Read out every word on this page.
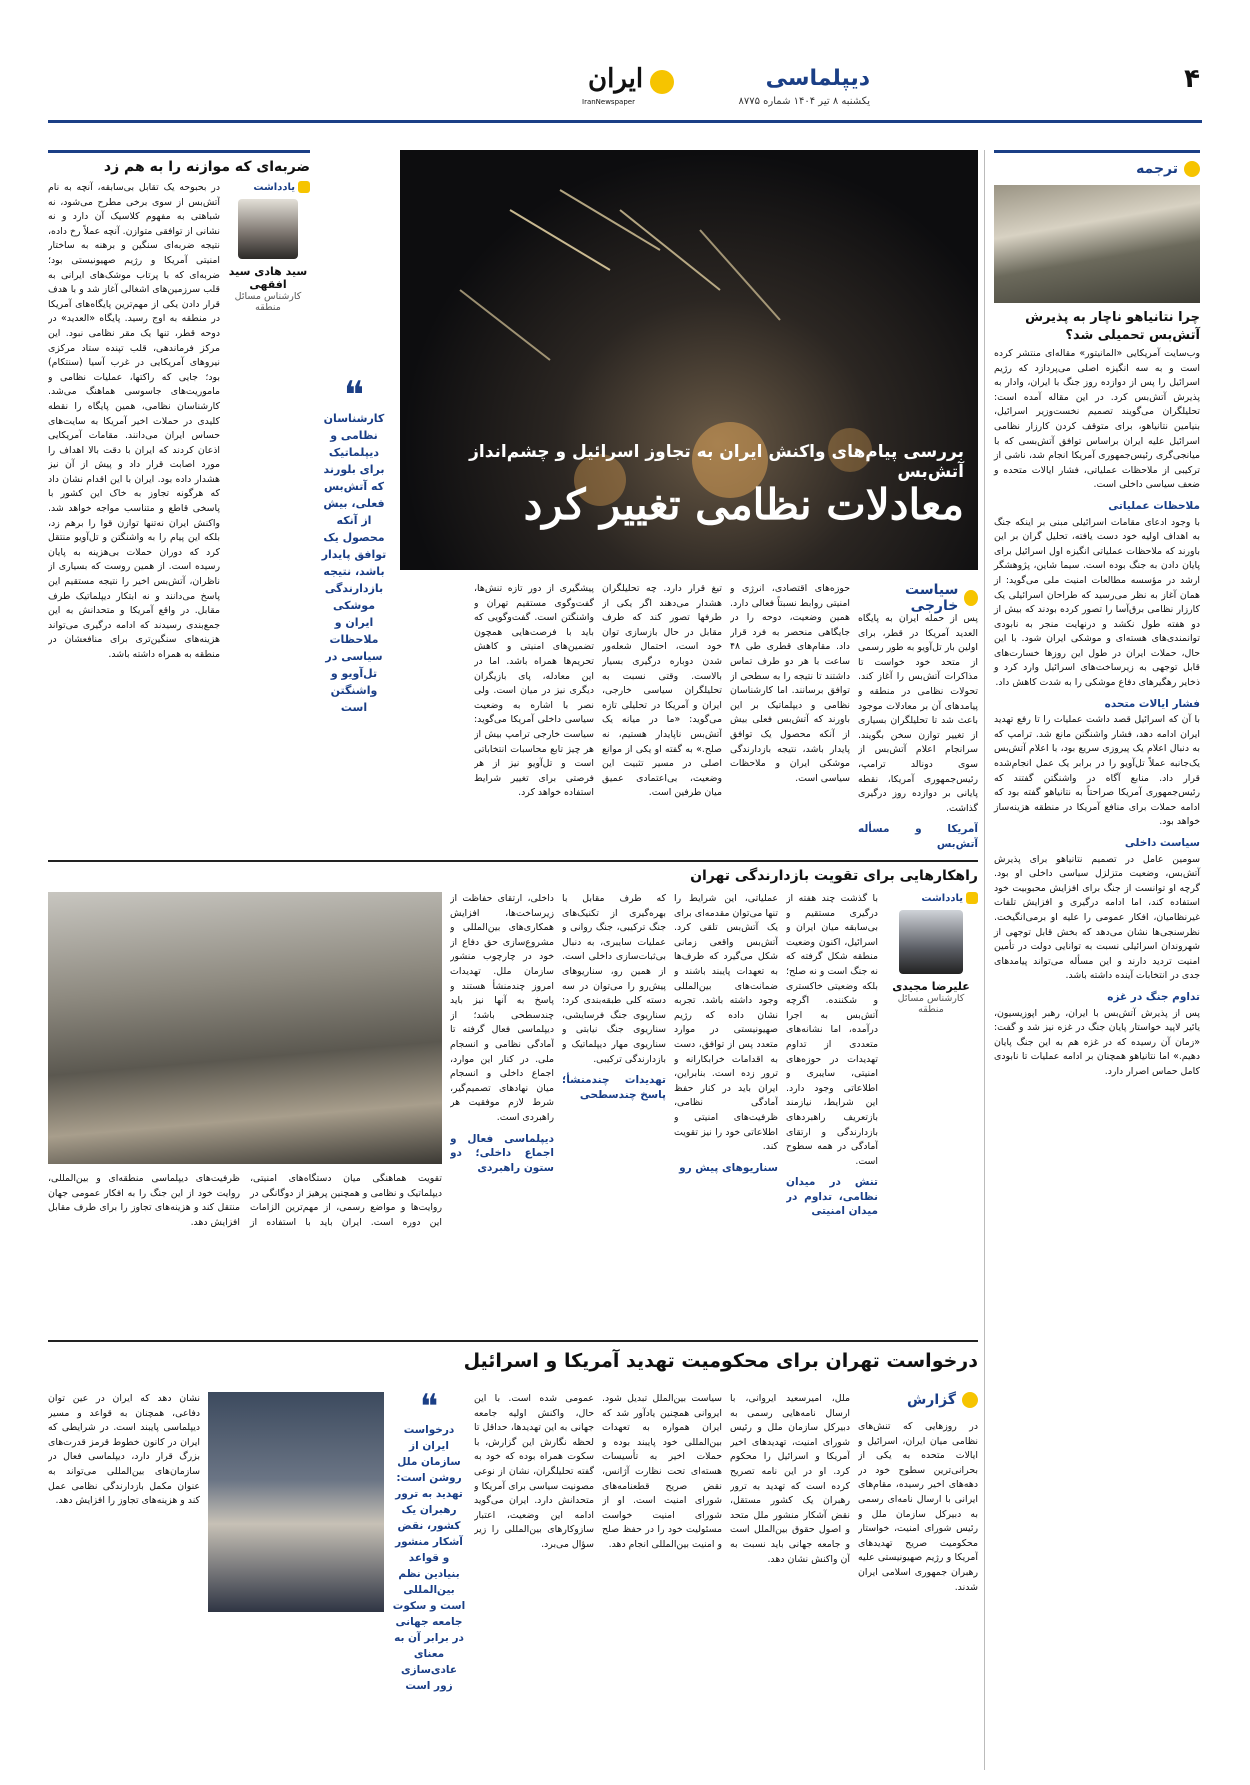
۴
دیپلماسی
یکشنبه ۸ تیر ۱۴۰۴ شماره ۸۷۷۵
ایران
IranNewspaper
ترجمه
چرا نتانیاهو ناچار به پذیرش آتش‌بس تحمیلی شد؟

وب‌سایت آمریکایی «المانیتور» مقاله‌ای منتشر کرده است و به سه انگیزه اصلی می‌پردازد که رژیم اسرائیل را پس از دوازده روز جنگ با ایران، وادار به پذیرش آتش‌بس کرد. در این مقاله آمده است: تحلیلگران می‌گویند تصمیم نخست‌وزیر اسرائیل، بنیامین نتانیاهو، برای متوقف کردن کارزار نظامی اسرائیل علیه ایران براساس توافق آتش‌بسی که با میانجی‌گری رئیس‌جمهوری آمریکا انجام شد، ناشی از ترکیبی از ملاحظات عملیاتی، فشار ایالات متحده و ضعف سیاسی داخلی است.

ملاحظات عملیاتی

با وجود ادعای مقامات اسرائیلی مبنی بر اینکه جنگ به اهداف اولیه خود دست یافته، تحلیل گران بر این باورند که ملاحظات عملیاتی انگیزه اول اسرائیل برای پایان دادن به جنگ بوده است. سیما شاین، پژوهشگر ارشد در مؤسسه مطالعات امنیت ملی می‌گوید: از همان آغاز به نظر می‌رسید که طراحان اسرائیلی یک کارزار نظامی برق‌آسا را تصور کرده بودند که بیش از دو هفته طول نکشد و درنهایت منجر به نابودی توانمندی‌های هسته‌ای و موشکی ایران شود. با این حال، حملات ایران در طول این روزها خسارت‌های قابل توجهی به زیرساخت‌های اسرائیل وارد کرد و ذخایر رهگیرهای دفاع موشکی را به شدت کاهش داد.

فشار ایالات متحده

با آن که اسرائیل قصد داشت عملیات را تا رفع تهدید ایران ادامه دهد، فشار واشنگتن مانع شد. ترامپ که به دنبال اعلام یک پیروزی سریع بود، با اعلام آتش‌بس یک‌جانبه عملاً تل‌آویو را در برابر یک عمل انجام‌شده قرار داد. منابع آگاه در واشنگتن گفتند که رئیس‌جمهوری آمریکا صراحتاً به نتانیاهو گفته بود که ادامه حملات برای منافع آمریکا در منطقه هزینه‌ساز خواهد بود.

سیاست داخلی

سومین عامل در تصمیم نتانیاهو برای پذیرش آتش‌بس، وضعیت متزلزل سیاسی داخلی او بود. گرچه او توانست از جنگ برای افزایش محبوبیت خود استفاده کند، اما ادامه درگیری و افزایش تلفات غیرنظامیان، افکار عمومی را علیه او برمی‌انگیخت. نظرسنجی‌ها نشان می‌دهد که بخش قابل توجهی از شهروندان اسرائیلی نسبت به توانایی دولت در تأمین امنیت تردید دارند و این مسأله می‌تواند پیامدهای جدی در انتخابات آینده داشته باشد.

تداوم جنگ در غزه

پس از پذیرش آتش‌بس با ایران، رهبر اپوزیسیون، یائیر لاپید خواستار پایان جنگ در غزه نیز شد و گفت: «زمان آن رسیده که در غزه هم به این جنگ پایان دهیم.» اما نتانیاهو همچنان بر ادامه عملیات تا نابودی کامل حماس اصرار دارد.

بررسی پیام‌های واکنش ایران به تجاوز اسرائیل و چشم‌انداز آتش‌بس
معادلات نظامی تغییر کرد
❝
کارشناسان نظامی و دیپلماتیک برای بلورند که آتش‌بس فعلی، بیش از آنکه محصول یک توافق پایدار باشد، نتیجه بازدارندگی موشکی ایران و ملاحظات سیاسی در تل‌آویو و واشنگتن است
سیاست خارجی

پس از حمله ایران به پایگاه العدید آمریکا در قطر، برای اولین بار تل‌آویو به طور رسمی از متحد خود خواست تا مذاکرات آتش‌بس را آغاز کند. تحولات نظامی در منطقه و پیامدهای آن بر معادلات موجود باعث شد تا تحلیلگران بسیاری از تغییر توازن سخن بگویند. سرانجام اعلام آتش‌بس از سوی دونالد ترامپ، رئیس‌جمهوری آمریکا، نقطه پایانی بر دوازده روز درگیری گذاشت.

آمریکا و مسأله آتش‌بس

حوزه‌های اقتصادی، انرژی و امنیتی روابط نسبتاً فعالی دارد. همین وضعیت، دوحه را در جایگاهی منحصر به فرد قرار داد. مقام‌های قطری طی ۴۸ ساعت با هر دو طرف تماس داشتند تا نتیجه را به سطحی از توافق برسانند. اما کارشناسان نظامی و دیپلماتیک بر این باورند که آتش‌بس فعلی بیش از آنکه محصول یک توافق پایدار باشد، نتیجه بازدارندگی موشکی ایران و ملاحظات سیاسی است.

تیغ قرار دارد. چه تحلیلگران هشدار می‌دهند اگر یکی از طرفها تصور کند که طرف مقابل در حال بازسازی توان خود است، احتمال شعله‌ور شدن دوباره درگیری بسیار بالاست. وقتی نسبت به تحلیلگران سیاسی خارجی، ایران و آمریکا در تحلیلی تازه می‌گوید: «ما در میانه یک آتش‌بس ناپایدار هستیم، نه صلح.» به گفته او یکی از موانع اصلی در مسیر تثبیت این وضعیت، بی‌اعتمادی عمیق میان طرفین است.

پیشگیری از دور تازه تنش‌ها، گفت‌وگوی مستقیم تهران و واشنگتن است. گفت‌وگویی که باید با فرصت‌هایی همچون تضمین‌های امنیتی و کاهش تحریم‌ها همراه باشد. اما در این معادله، پای بازیگران دیگری نیز در میان است. ولی نصر با اشاره به وضعیت سیاسی داخلی آمریکا می‌گوید: سیاست خارجی ترامپ بیش از هر چیز تابع محاسبات انتخاباتی است و تل‌آویو نیز از هر فرصتی برای تغییر شرایط استفاده خواهد کرد.

ضربه‌ای که موازنه را به هم زد
یادداشت
سید هادی سید افقهی
کارشناس مسائل منطقه
در بحبوحه یک تقابل بی‌سابقه، آنچه به نام آتش‌بس از سوی برخی مطرح می‌شود، نه شباهتی به مفهوم کلاسیک آن دارد و نه نشانی از توافقی متوازن. آنچه عملاً رخ داده، نتیجه ضربه‌ای سنگین و برهنه به ساختار امنیتی آمریکا و رژیم صهیونیستی بود؛ ضربه‌ای که با پرتاب موشک‌های ایرانی به قلب سرزمین‌های اشغالی آغاز شد و با هدف قرار دادن یکی از مهم‌ترین پایگاه‌های آمریکا در منطقه به اوج رسید. پایگاه «العدید» در دوحه قطر، تنها یک مقر نظامی نبود. این مرکز فرماندهی، قلب تپنده ستاد مرکزی نیروهای آمریکایی در غرب آسیا (سنتکام) بود؛ جایی که راکتها، عملیات نظامی و ماموریت‌های جاسوسی هماهنگ می‌شد. کارشناسان نظامی، همین پایگاه را نقطه کلیدی در حملات اخیر آمریکا به سایت‌های حساس ایران می‌دانند. مقامات آمریکایی اذعان کردند که ایران با دقت بالا اهداف را مورد اصابت قرار داد و پیش از آن نیز هشدار داده بود. ایران با این اقدام نشان داد که هرگونه تجاوز به خاک این کشور با پاسخی قاطع و متناسب مواجه خواهد شد. واکنش ایران نه‌تنها توازن قوا را برهم زد، بلکه این پیام را به واشنگتن و تل‌آویو منتقل کرد که دوران حملات بی‌هزینه به پایان رسیده است. از همین روست که بسیاری از ناظران، آتش‌بس اخیر را نتیجه مستقیم این پاسخ می‌دانند و نه ابتکار دیپلماتیک طرف مقابل. در واقع آمریکا و متحدانش به این جمع‌بندی رسیدند که ادامه درگیری می‌تواند هزینه‌های سنگین‌تری برای منافعشان در منطقه به همراه داشته باشد.
راهکارهایی برای تقویت بازدارندگی تهران
یادداشت
علیرضا مجیدی
کارشناس مسائل منطقه

با گذشت چند هفته از درگیری مستقیم و بی‌سابقه میان ایران و اسرائیل، اکنون وضعیت منطقه شکل گرفته که نه جنگ است و نه صلح؛ بلکه وضعیتی خاکستری و شکننده. اگرچه آتش‌بس به اجرا درآمده، اما نشانه‌های متعددی از تداوم تهدیدات در حوزه‌های امنیتی، سایبری و اطلاعاتی وجود دارد. این شرایط، نیازمند بازتعریف راهبردهای بازدارندگی و ارتقای آمادگی در همه سطوح است.

تنش در میدان نظامی، تداوم در میدان امنیتی

عملیاتی، این شرایط را تنها می‌توان مقدمه‌ای برای یک آتش‌بس تلقی کرد. آتش‌بس واقعی زمانی شکل می‌گیرد که طرف‌ها به تعهدات پایبند باشند و ضمانت‌های بین‌المللی وجود داشته باشد. تجربه نشان داده که رژیم صهیونیستی در موارد متعدد پس از توافق، دست به اقدامات خرابکارانه و ترور زده است. بنابراین، ایران باید در کنار حفظ آمادگی نظامی، ظرفیت‌های امنیتی و اطلاعاتی خود را نیز تقویت کند.

سناریوهای پیش رو

که طرف مقابل با بهره‌گیری از تکنیک‌های جنگ ترکیبی، جنگ روانی و عملیات سایبری، به دنبال بی‌ثبات‌سازی داخلی است. از همین رو، سناریوهای پیش‌رو را می‌توان در سه دسته کلی طبقه‌بندی کرد: سناریوی جنگ فرسایشی، سناریوی جنگ نیابتی و سناریوی مهار دیپلماتیک و بازدارندگی ترکیبی.

تهدیدات چندمنشأ؛ پاسخ چندسطحی

داخلی، ارتقای حفاظت از زیرساخت‌ها، افزایش همکاری‌های بین‌المللی و مشروع‌سازی حق دفاع از خود در چارچوب منشور سازمان ملل. تهدیدات امروز چندمنشأ هستند و پاسخ به آنها نیز باید چندسطحی باشد؛ از دیپلماسی فعال گرفته تا آمادگی نظامی و انسجام ملی. در کنار این موارد، اجماع داخلی و انسجام میان نهادهای تصمیم‌گیر، شرط لازم موفقیت هر راهبردی است.

دیپلماسی فعال و اجماع داخلی؛ دو ستون راهبردی

تقویت هماهنگی میان دستگاه‌های امنیتی، دیپلماتیک و نظامی و همچنین پرهیز از دوگانگی در روایت‌ها و مواضع رسمی، از مهم‌ترین الزامات این دوره است. ایران باید با استفاده از ظرفیت‌های دیپلماسی منطقه‌ای و بین‌المللی، روایت خود از این جنگ را به افکار عمومی جهان منتقل کند و هزینه‌های تجاوز را برای طرف مقابل افزایش دهد.

درخواست تهران برای محکومیت تهدید آمریکا و اسرائیل
گزارش

در روزهایی که تنش‌های نظامی میان ایران، اسرائیل و ایالات متحده به یکی از بحرانی‌ترین سطوح خود در دهه‌های اخیر رسیده، مقام‌های ایرانی با ارسال نامه‌ای رسمی به دبیرکل سازمان ملل و رئیس شورای امنیت، خواستار محکومیت صریح تهدیدهای آمریکا و رژیم صهیونیستی علیه رهبران جمهوری اسلامی ایران شدند.

ملل، امیرسعید ایروانی، با ارسال نامه‌هایی رسمی به دبیرکل سازمان ملل و رئیس شورای امنیت، تهدیدهای اخیر آمریکا و اسرائیل را محکوم کرد. او در این نامه تصریح کرده است که تهدید به ترور رهبران یک کشور مستقل، نقض آشکار منشور ملل متحد و اصول حقوق بین‌الملل است و جامعه جهانی باید نسبت به آن واکنش نشان دهد.

سیاست بین‌الملل تبدیل شود. ایروانی همچنین یادآور شد که ایران همواره به تعهدات بین‌المللی خود پایبند بوده و حملات اخیر به تأسیسات هسته‌ای تحت نظارت آژانس، نقض صریح قطعنامه‌های شورای امنیت است. او از شورای امنیت خواست مسئولیت خود را در حفظ صلح و امنیت بین‌المللی انجام دهد.

عمومی شده است. با این حال، واکنش اولیه جامعه جهانی به این تهدیدها، حداقل تا لحظه نگارش این گزارش، با سکوت همراه بوده که خود به گفته تحلیلگران، نشان از نوعی مصونیت سیاسی برای آمریکا و متحدانش دارد. ایران می‌گوید ادامه این وضعیت، اعتبار سازوکارهای بین‌المللی را زیر سؤال می‌برد.

❝
درخواست ایران از سازمان ملل روشن است: تهدید به ترور رهبران یک کشور، نقض آشکار منشور و قواعد بنیادین نظم بین‌المللی است و سکوت جامعه جهانی در برابر آن به معنای عادی‌سازی زور است

نشان دهد که ایران در عین توان دفاعی، همچنان به قواعد و مسیر دیپلماسی پایبند است. در شرایطی که ایران در کانون خطوط قرمز قدرت‌های بزرگ قرار دارد، دیپلماسی فعال در سازمان‌های بین‌المللی می‌تواند به عنوان مکمل بازدارندگی نظامی عمل کند و هزینه‌های تجاوز را افزایش دهد.
